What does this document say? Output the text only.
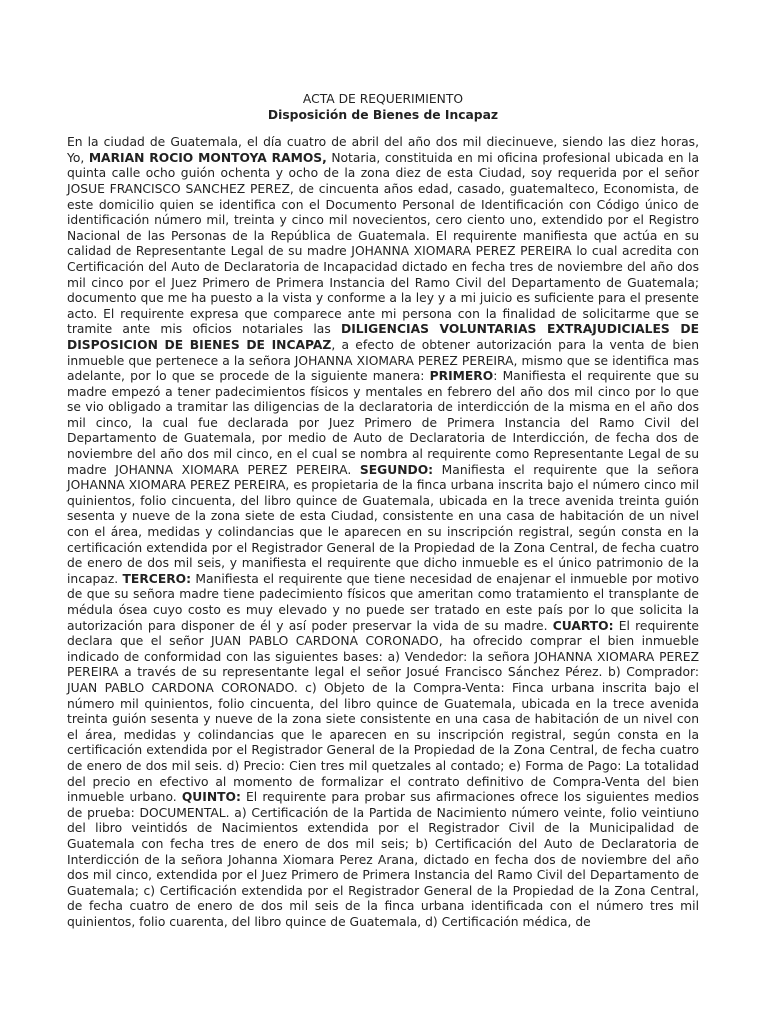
ACTA DE REQUERIMIENTO
Disposición de Bienes de Incapaz

En la ciudad de Guatemala, el día cuatro de abril del año dos mil diecinueve, siendo las diez horas, Yo, MARIAN ROCIO MONTOYA RAMOS, Notaria, constituida en mi oficina profesional ubicada en la quinta calle ocho guión ochenta y ocho de la zona diez de esta Ciudad, soy requerida por el señor JOSUE FRANCISCO SANCHEZ PEREZ, de cincuenta años edad, casado, guatemalteco, Economista, de este domicilio quien se identifica con el Documento Personal de Identificación con Código único de identificación número mil, treinta y cinco mil novecientos, cero ciento uno, extendido por el Registro Nacional de las Personas de la República de Guatemala. El requirente manifiesta que actúa en su calidad de Representante Legal de su madre JOHANNA XIOMARA PEREZ PEREIRA lo cual acredita con Certificación del Auto de Declaratoria de Incapacidad dictado en fecha tres de noviembre del año dos mil cinco por el Juez Primero de Primera Instancia del Ramo Civil del Departamento de Guatemala; documento que me ha puesto a la vista y conforme a la ley y a mi juicio es suficiente para el presente acto. El requirente expresa que comparece ante mi persona con la finalidad de solicitarme que se tramite ante mis oficios notariales las DILIGENCIAS VOLUNTARIAS EXTRAJUDICIALES DE DISPOSICION DE BIENES DE INCAPAZ, a efecto de obtener autorización para la venta de bien inmueble que pertenece a la señora JOHANNA XIOMARA PEREZ PEREIRA, mismo que se identifica mas adelante, por lo que se procede de la siguiente manera: PRIMERO: Manifiesta el requirente que su madre empezó a tener padecimientos físicos y mentales en febrero del año dos mil cinco por lo que se vio obligado a tramitar las diligencias de la declaratoria de interdicción de la misma en el año dos mil cinco, la cual fue declarada por Juez Primero de Primera Instancia del Ramo Civil del Departamento de Guatemala, por medio de Auto de Declaratoria de Interdicción, de fecha dos de noviembre del año dos mil cinco, en el cual se nombra al requirente como Representante Legal de su madre JOHANNA XIOMARA PEREZ PEREIRA. SEGUNDO: Manifiesta el requirente que la señora JOHANNA XIOMARA PEREZ PEREIRA, es propietaria de la finca urbana inscrita bajo el número cinco mil quinientos, folio cincuenta, del libro quince de Guatemala, ubicada en la trece avenida treinta guión sesenta y nueve de la zona siete de esta Ciudad, consistente en una casa de habitación de un nivel con el área, medidas y colindancias que le aparecen en su inscripción registral, según consta en la certificación extendida por el Registrador General de la Propiedad de la Zona Central, de fecha cuatro de enero de dos mil seis, y manifiesta el requirente que dicho inmueble es el único patrimonio de la incapaz. TERCERO: Manifiesta el requirente que tiene necesidad de enajenar el inmueble por motivo de que su señora madre tiene padecimiento físicos que ameritan como tratamiento el transplante de médula ósea cuyo costo es muy elevado y no puede ser tratado en este país por lo que solicita la autorización para disponer de él y así poder preservar la vida de su madre. CUARTO: El requirente declara que el señor JUAN PABLO CARDONA CORONADO, ha ofrecido comprar el bien inmueble indicado de conformidad con las siguientes bases: a) Vendedor: la señora JOHANNA XIOMARA PEREZ PEREIRA a través de su representante legal el señor Josué Francisco Sánchez Pérez. b) Comprador: JUAN PABLO CARDONA CORONADO. c) Objeto de la Compra-Venta: Finca urbana inscrita bajo el número mil quinientos, folio cincuenta, del libro quince de Guatemala, ubicada en la trece avenida treinta guión sesenta y nueve de la zona siete consistente en una casa de habitación de un nivel con el área, medidas y colindancias que le aparecen en su inscripción registral, según consta en la certificación extendida por el Registrador General de la Propiedad de la Zona Central, de fecha cuatro de enero de dos mil seis. d) Precio: Cien tres mil quetzales al contado; e) Forma de Pago: La totalidad del precio en efectivo al momento de formalizar el contrato definitivo de Compra-Venta del bien inmueble urbano. QUINTO: El requirente para probar sus afirmaciones ofrece los siguientes medios de prueba: DOCUMENTAL. a) Certificación de la Partida de Nacimiento número veinte, folio veintiuno del libro veintidós de Nacimientos extendida por el Registrador Civil de la Municipalidad de Guatemala con fecha tres de enero de dos mil seis; b) Certificación del Auto de Declaratoria de Interdicción de la señora Johanna Xiomara Perez Arana, dictado en fecha dos de noviembre del año dos mil cinco, extendida por el Juez Primero de Primera Instancia del Ramo Civil del Departamento de Guatemala; c) Certificación extendida por el Registrador General de la Propiedad de la Zona Central, de fecha cuatro de enero de dos mil seis de la finca urbana identificada con el número tres mil quinientos, folio cuarenta, del libro quince de Guatemala, d) Certificación médica, de
